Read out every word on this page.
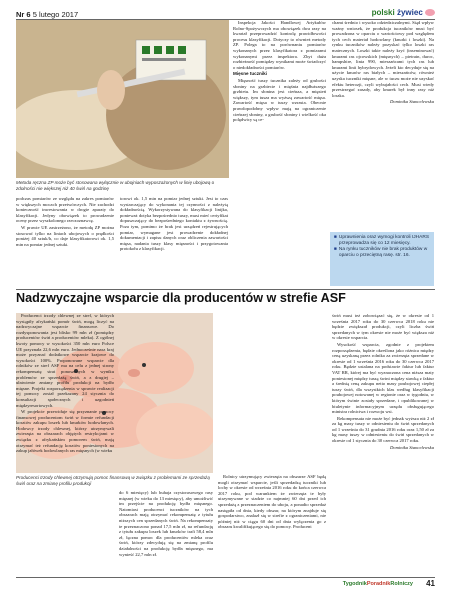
Nr 6 5 lutego 2017	polski żywiec
Metoda ręczna ZP może być stosowana wyłącznie w ubojniach wyposzażonych w linię ubojową o zdolności nie większej niż 40 świń na godzinę

podczas pomiarów ze względu na zakres pomiarów w większych mocach przetwórczych. Nie zachodzi konieczność inwestowania w drogie aparaty do klasyfikacji. Jedyny obowiązek to prowadzenie oceny przez wyszkolonego rzeczoznawcę.

W prawie UE zastrzeżono, że metodę ZP można stosować tylko na liniach ubojowych o prędkości poniżej 40 sztuk/h, co daje klasyfikatorowi ok. 1,5 min na pomiar jednej sztuki.

torowi ok. 1,5 min na pomiar jednej sztuki. Jest to czas wystarczający do wykonania tej czynności z należytą dokładnością. Wykorzystywana do klasyfikacji linijka, ponieważ dotyka bezpośrednio tuszy, musi mieć certyfikat dopuszczający do bezpośredniego kontaktu z żywnością. Poza tym, pomimo że brak jest urządzeń rejestrujących pomiar, wymagane jest prowadzenie dokładnej dokumentacji i zapisu danych oraz obliczenia zawartości mięsa, nadania tuszy klasy mięsności i przygotowania protokołu z klasyfikacji.

Inspekcja Jakości Handlowej Artykułów Rolno-Spożywczych ma obowiązek dwa razy na kwartał przeprowadzić kontrolę prawidłowości procesu klasyfikacji. Dotyczy to również metody ZP. Polega to na porównaniu pomiarów wykonanych przez klasyfikatora z pomiarami wykonanymi przez inspektora. Zbyt duża rozbieżność pomiędzy wynikami może świadczyć o niedokładności pomiarów.

Mięsne tuczniki

Mięsność tuszy tucznika zależy od grubości słoniny na grzbiecie i mięśnia najdłuższego grzbietu. Im słonina jest cieńsza, a mięsień większy, tym tusza ma wyższą zawartość mięsa. Zawartość mięsa w tuszy wzrasta. Obecnie prawdopodobny wpływ mają na ograniczenie cieńszej słoniny, a grubość słoniny i wielkość oka polędwicy są ce-

chami średnio i wysoko odziedziczalnymi. Stąd wpływ ważny wniosek, że produkcja tuczników musi być prowadzona w oparciu o wartościowy pod względem tych cech materiał hodowlany (knurki i loszki). Na rynku tuczników należy pozyskać tylko loszki ras matecznych. Loszki takie należy kryć (inseminować) knurami ras ojcowskich (mięsnych) – pietrain, duroc, hampshire, linia 990, mieszańcami tych ras lub knurami linii hybrydowych. Jeżeli kto decyduje się na użycie knurów ras białych – mieszańców, również uzyska tuczniki mięsne, ale w tuczu może nie uzyskać efektu heterozji, czyli wybujałości cech. Musi wtedy przestrzegać zasady, aby knurek był inny rasy niż loszka.

Dominika Stancelewska

■ Uprawnienia oraz wymogi kontroli IJHARS przeprowadza się co 12 miesięcy.
■ Na rynku tuczników nie brak produktów w oparciu o przeciętną rasę. str. 16.
Nadzwyczajne wsparcie dla producentów w strefie ASF
Producenci trzody chlewnej otrzymują pomoc finansową w związku z problemami ze sprzedażą świń oraz na zmianę profilu produkcji

Producenci trzody chlewnej ze stref, w których wystąpiły afrykański pomór świń, mogą liczyć na nadzwyczajne wsparcie finansowe. Do rozdysponowania jest blisko 99 mln zł (pomiędzy producentów świń a producentów mleka). Z ogólnej kwoty pomocy w wysokości 350 mln euro Polsce UE przyznała 22,6 mln euro. Jednocześnie nasz kraj może przyznać dodatkowe wsparcie krajowe do wysokości 100%. Proponowane wsparcie dla rolników ze stref ASF ma na celu z jednej strony rekompensatę strat ponoszonych w wyniku problemów ze sprzedażą świń, a z drugiej – ułatwienie zmiany profilu produkcji na bydło mięsne. Projekt rozporządzenia w sprawie realizacji tej pomocy został przekazany 24 stycznia do konsultacji społecznych i uzgodnień międzyresortowych.

W projekcie przewiduje się przyznanie pomocy finansowej producentom świń w formie refundacji kosztów zakupu loszek lub knurków hodowlanych. Hodowcy trzody chlewnej, którzy utrzymywali zwierzęta na obszarach objętych restrykcjami w związku z afrykańskim pomorem świń, mają otrzymać też refundację kosztów poniesionych na zakup jałówek hodowlanych ras mięsnych (w wieku

do 6 miesięcy) lub buhaja czystorasowego rasy mięsnej (w wieku do 13 miesięcy), aby umożliwić im przejście na produkcję bydła mięsnego. Natomiast producenci tuczników na tych obszarach mają otrzymać rekompensatę z tytułu niższych cen sprzedanych świń. Na rekompensaty te przeznaczono ponad 17,5 mln zł, na refundację z tytułu zakupu loszek lub knurków trafi 58,4 mln zł, łączna pomoc dla producentów mleka oraz świń, którzy zdecydują się na zmianę profilu działalności na produkcję bydła mięsnego, ma wynieść 22,7 mln zł.

Rolnicy utrzymujący zwierzęta na obszarze ASF będą mogli otrzymać wsparcie, jeśli sprzedadzą tuczniki lub lochy w okresie od września 2016 roku do końca czerwca 2017 roku, pod warunkiem że zwierzęta te były utrzymywane w stadzie co najmniej 60 dni przed ich sprzedażą z przeznaczeniem do uboju, a ponadto sprzedaż następiła od dnia, kiedy obszar, na którym znajduje się gospodarstwo, znalazł się w strefie z ograniczeniami, nie później niż w ciągu 60 dni od dnia wyłączenia go z obszaru kwalifikującego się do pomocy. Producent

świń musi też zobowiązać się, że w okresie od 1 września 2017 roku do 30 czerwca 2018 roku nie będzie zwiększał produkcji, czyli liczba świń sprzedanych w tym okresie nie może być większa niż w okresie wsparcia.

Wysokość wsparcia, zgodnie z projektem rozporządzenia, będzie określona jako różnica między ceną uzyskaną przez rolnika za zwierzęta sprzedane w okresie od 1 września 2016 roku do 30 czerwca 2017 roku. Będzie ustalana na podstawie faktur lub faktur VAT RR, której ma być wyznaczona cena niższa maty poniesionej między tuszą świni między stawką z faktur a średnią ceną zakupu netto masy poubojowej ciepłej tuszy świń, dla wszystkich klas według klasyfikacji poubojowej notowanej w regionie oraz w tygodniu, w którym świnie zostały sprzedane, i opublikowanej w biuletynie informacyjnym urzędu obsługującego ministra rolnictwa i rozwoju wsi.

Rekompensata nie może być jednak wyższa niż 2 zł za kg masy tuszy w odniesieniu do świń sprzedanych od 1 września do 31 grudnia 2016 roku oraz 1,50 zł za kg masy tuszy w odniesieniu do świń sprzedanych w okresie od 1 stycznia do 30 czerwca 2017 roku.

Dominika Stancelewska

TygodnikPoradnikRolniczy 41
